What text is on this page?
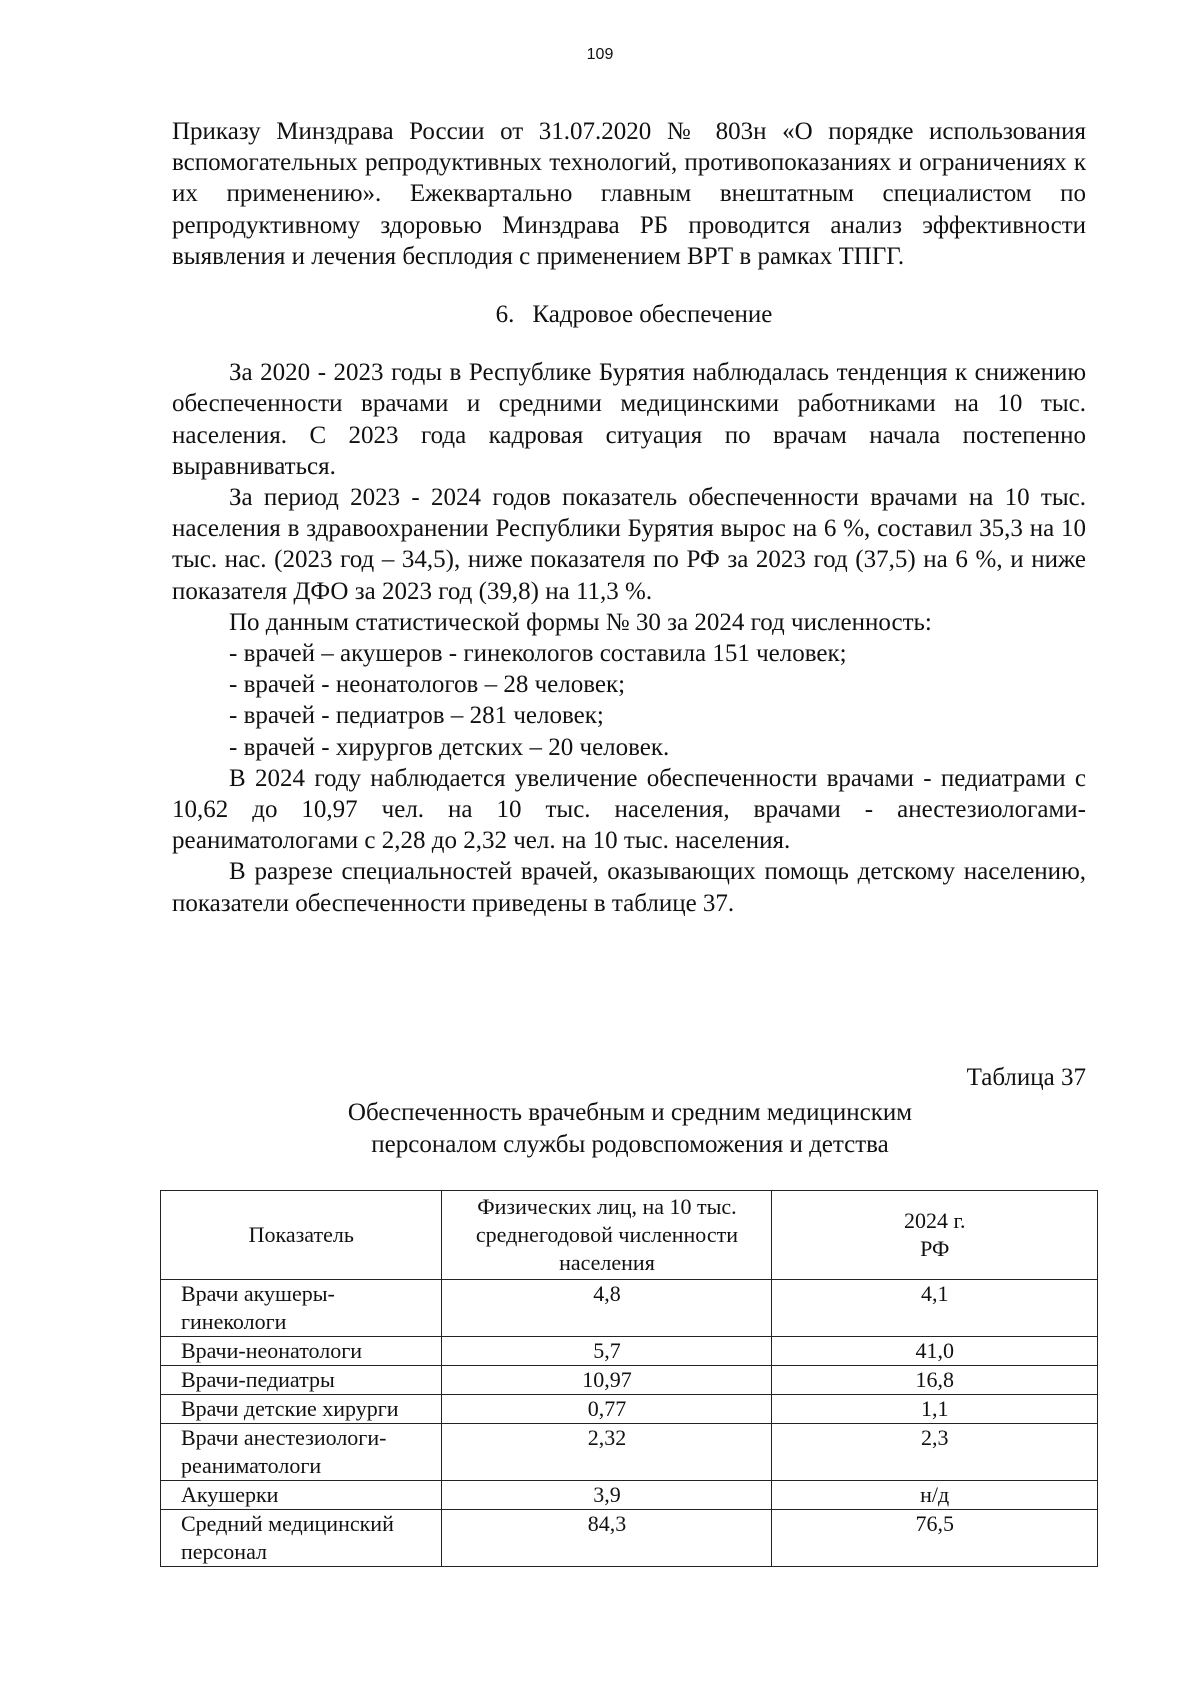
109

Приказу Минздрава России от 31.07.2020 № 803н «О порядке использования вспомогательных репродуктивных технологий, противопоказаниях и ограничениях к их применению». Ежеквартально главным внештатным специалистом по репродуктивному здоровью Минздрава РБ проводится анализ эффективности выявления и лечения бесплодия с применением ВРТ в рамках ТПГГ.

6. Кадровое обеспечение

За 2020 - 2023 годы в Республике Бурятия наблюдалась тенденция к снижению обеспеченности врачами и средними медицинскими работниками на 10 тыс. населения. С 2023 года кадровая ситуация по врачам начала постепенно выравниваться.

За период 2023 - 2024 годов показатель обеспеченности врачами на 10 тыс. населения в здравоохранении Республики Бурятия вырос на 6 %, составил 35,3 на 10 тыс. нас. (2023 год – 34,5), ниже показателя по РФ за 2023 год (37,5) на 6 %, и ниже показателя ДФО за 2023 год (39,8) на 11,3 %.

По данным статистической формы № 30 за 2024 год численность:

- врачей – акушеров - гинекологов составила 151 человек;

- врачей - неонатологов – 28 человек;

- врачей - педиатров – 281 человек;

- врачей - хирургов детских – 20 человек.

В 2024 году наблюдается увеличение обеспеченности врачами - педиатрами с 10,62 до 10,97 чел. на 10 тыс. населения, врачами - анестезиологами-реаниматологами с 2,28 до 2,32 чел. на 10 тыс. населения.

В разрезе специальностей врачей, оказывающих помощь детскому населению, показатели обеспеченности приведены в таблице 37.

Таблица 37
Обеспеченность врачебным и средним медицинским
персоналом службы родовспоможения и детства
Показатель	Физических лиц, на 10 тыс. среднегодовой численности населения	2024 г.
РФ

Врачи акушеры-гинекологи	4,8	4,1
Врачи-неонатологи	5,7	41,0
Врачи-педиатры	10,97	16,8
Врачи детские хирурги	0,77	1,1
Врачи анестезиологи-реаниматологи	2,32	2,3
Акушерки	3,9	н/д
Средний медицинский персонал	84,3	76,5
